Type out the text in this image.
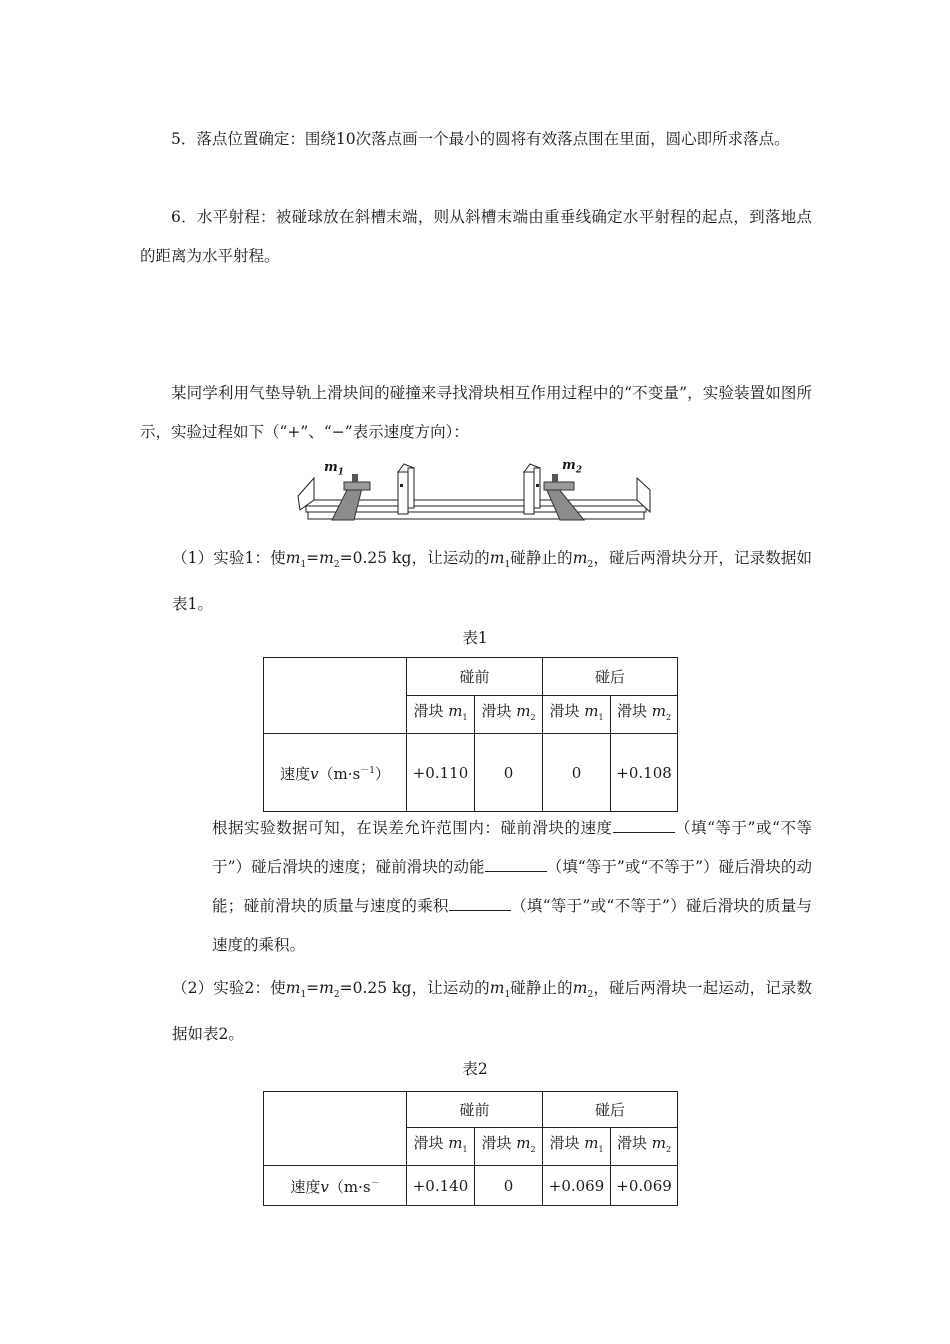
5．落点位置确定：围绕10次落点画一个最小的圆将有效落点围在里面，圆心即所求落点。

6．水平射程：被碰球放在斜槽末端，则从斜槽末端由重垂线确定水平射程的起点，到落地点的距离为水平射程。

某同学利用气垫导轨上滑块间的碰撞来寻找滑块相互作用过程中的“不变量”，实验装置如图所示，实验过程如下（“+”、“−”表示速度方向）：

$m_1$	$m_2$

（1）实验1：使$m_1=m_2=0.25$ kg，让运动的$m_1$碰静止的$m_2$，碰后两滑块分开，记录数据如表1。

表1
	碰前		碰后	
	滑块 $m_1$	滑块 $m_2$	滑块 $m_1$	滑块 $m_2$
速度$v(m\cdot s^{-1})$	+0.110	0	0	+0.108

根据实验数据可知，在误差允许范围内：碰前滑块的速度	（填“等于”或“不等于”）碰后滑块的速度；碰前滑块的动能	（填“等于”或“不等于”）碰后滑块的动能；碰前滑块的质量与速度的乘积	（填“等于”或“不等于”）碰后滑块的质量与速度的乘积。

（2）实验2：使$m_1=m_2=0.25$ kg，让运动的$m_1$碰静止的$m_2$，碰后两滑块一起运动，记录数据如表2。

表2
	碰前		碰后	
	滑块 $m_1$	滑块 $m_2$	滑块 $m_1$	滑块 $m_2$
速度v（m·s－	+0.140	0	+0.069	+0.069
